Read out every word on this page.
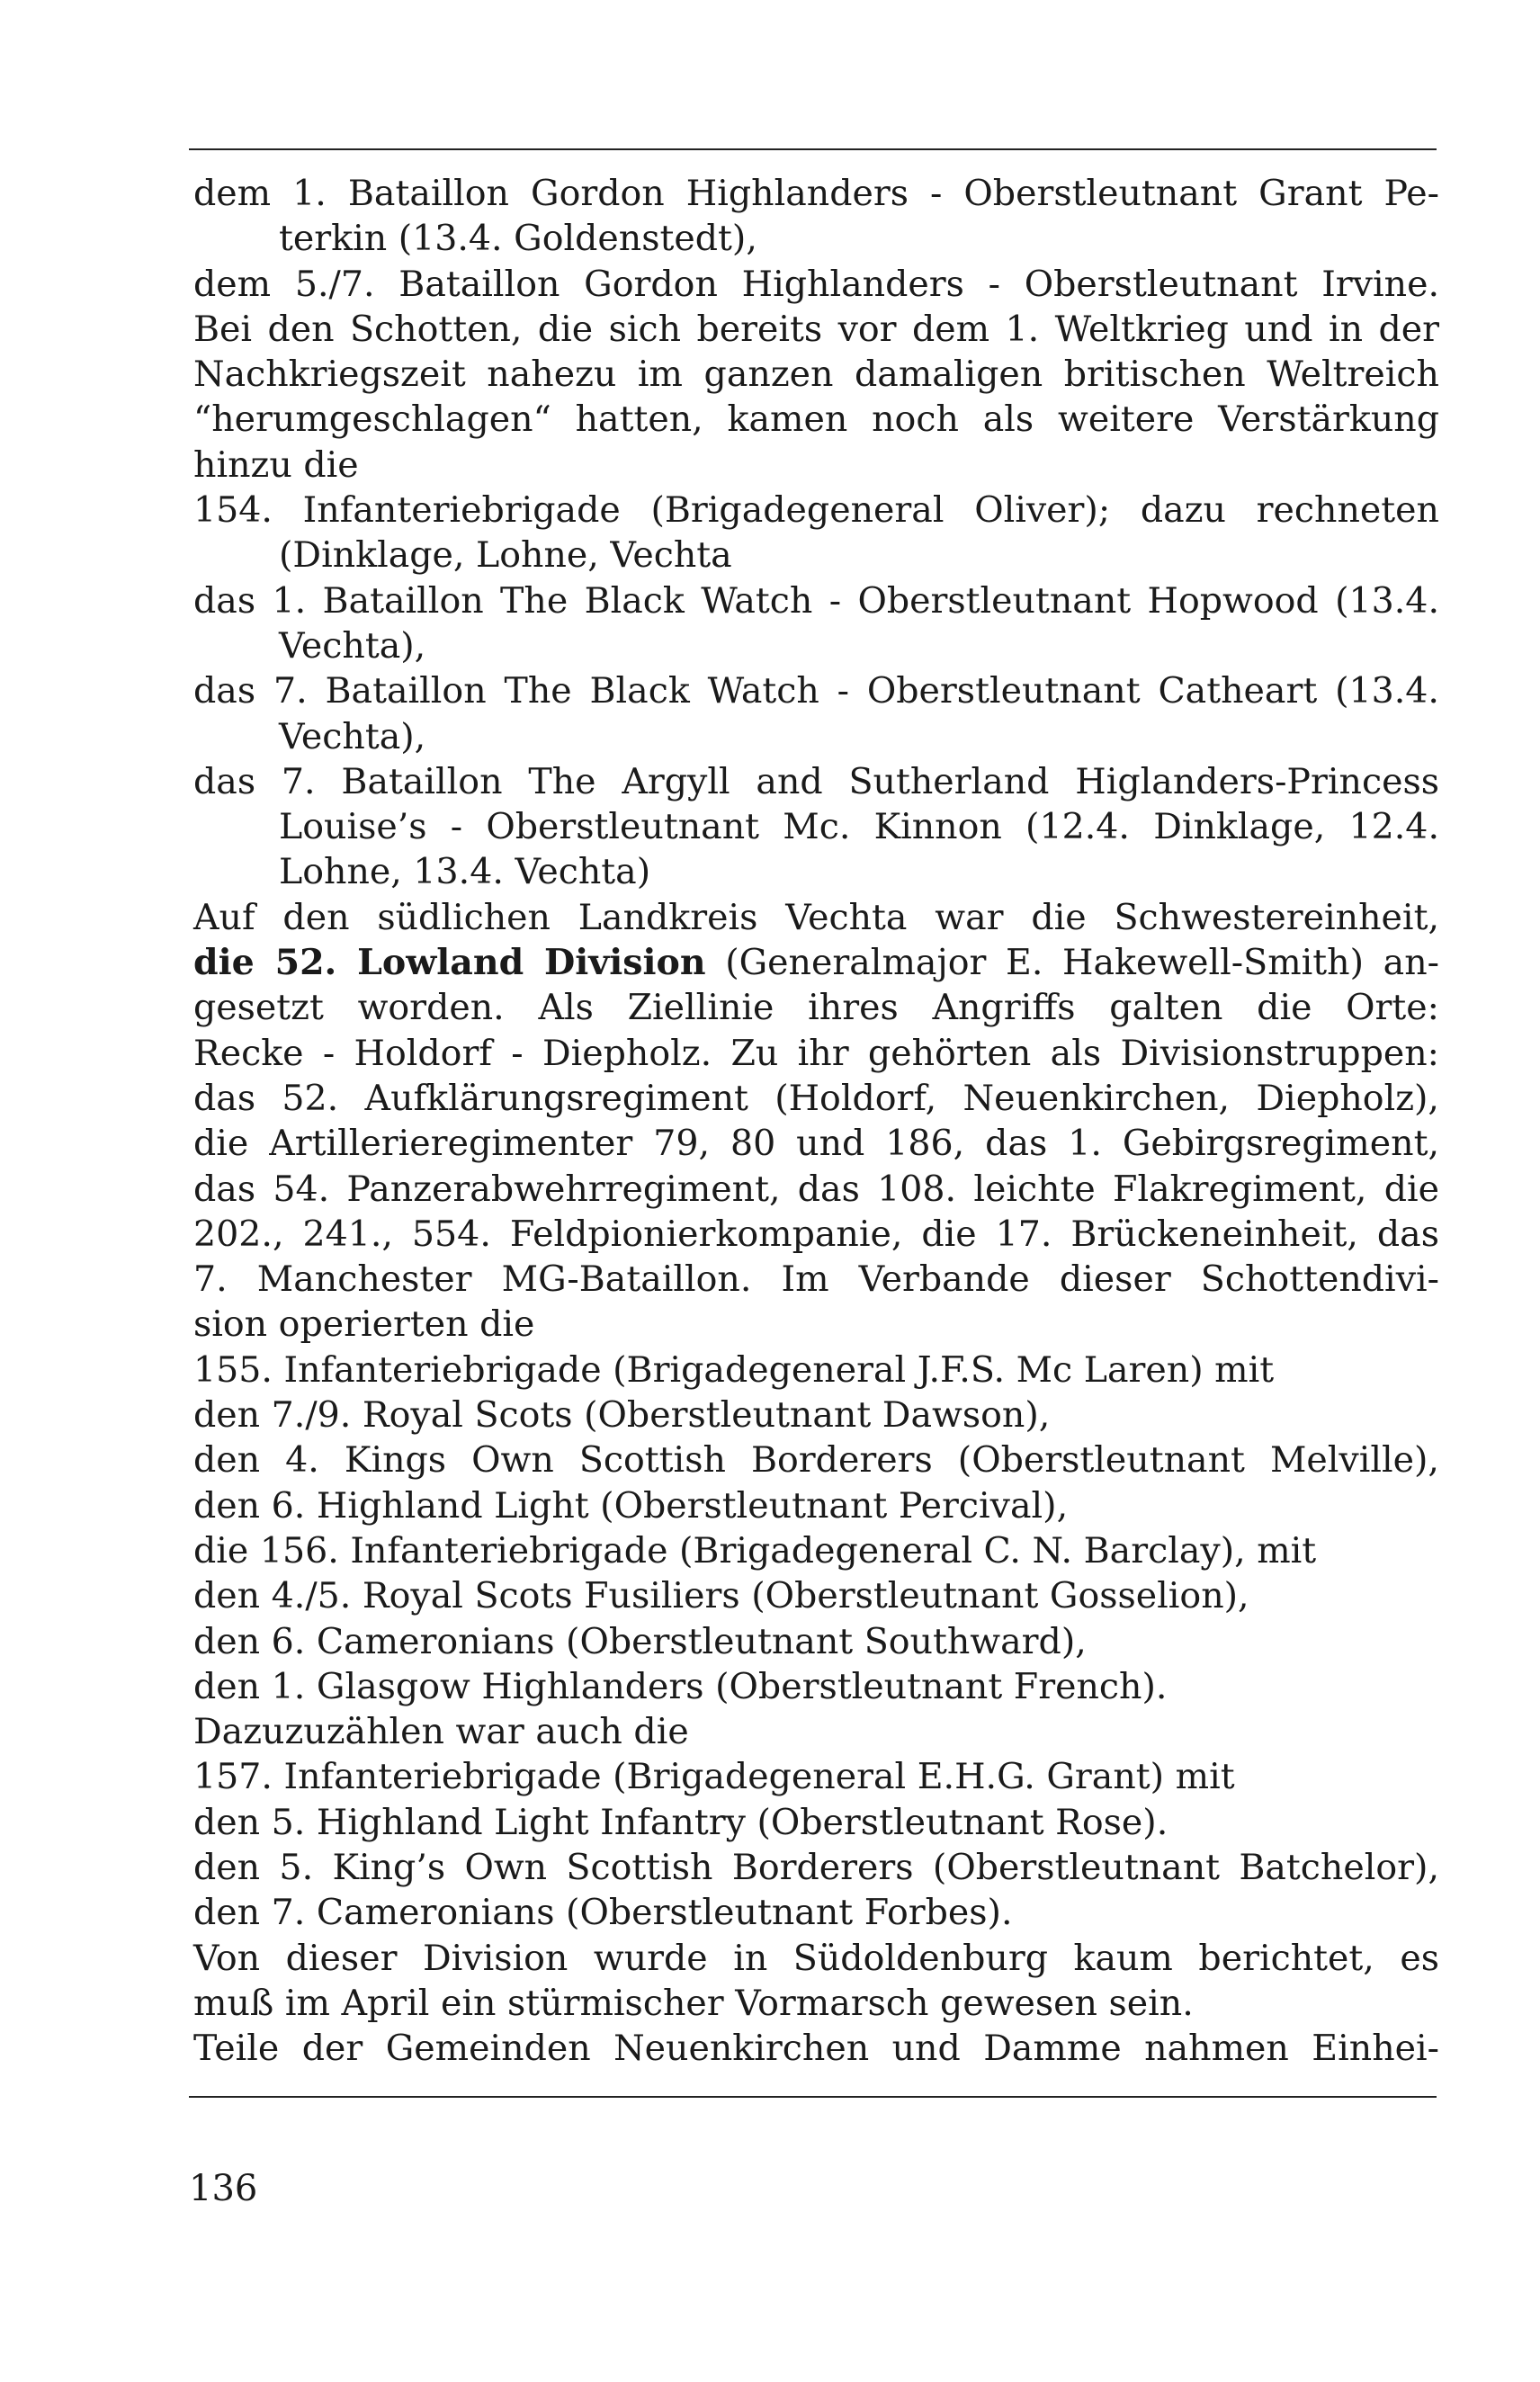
dem 1. Bataillon Gordon Highlanders - Oberstleutnant Grant Pe-
terkin (13.4. Goldenstedt),
dem 5./7. Bataillon Gordon Highlanders - Oberstleutnant Irvine.
Bei den Schotten, die sich bereits vor dem 1. Weltkrieg und in der
Nachkriegszeit nahezu im ganzen damaligen britischen Weltreich
“herumgeschlagen“ hatten, kamen noch als weitere Verstärkung
hinzu die
154. Infanteriebrigade (Brigadegeneral Oliver); dazu rechneten
(Dinklage, Lohne, Vechta
das 1. Bataillon The Black Watch - Oberstleutnant Hopwood (13.4.
Vechta),
das 7. Bataillon The Black Watch - Oberstleutnant Catheart (13.4.
Vechta),
das 7. Bataillon The Argyll and Sutherland Higlanders-Princess
Louise’s - Oberstleutnant Mc. Kinnon (12.4. Dinklage, 12.4.
Lohne, 13.4. Vechta)
Auf den südlichen Landkreis Vechta war die Schwestereinheit,
die 52. Lowland Division (Generalmajor E. Hakewell-Smith) an-
gesetzt worden. Als Ziellinie ihres Angriffs galten die Orte:
Recke - Holdorf - Diepholz. Zu ihr gehörten als Divisionstruppen:
das 52. Aufklärungsregiment (Holdorf, Neuenkirchen, Diepholz),
die Artillerieregimenter 79, 80 und 186, das 1. Gebirgsregiment,
das 54. Panzerabwehrregiment, das 108. leichte Flakregiment, die
202., 241., 554. Feldpionierkompanie, die 17. Brückeneinheit, das
7. Manchester MG-Bataillon. Im Verbande dieser Schottendivi-
sion operierten die
155. Infanteriebrigade (Brigadegeneral J.F.S. Mc Laren) mit
den 7./9. Royal Scots (Oberstleutnant Dawson),
den 4. Kings Own Scottish Borderers (Oberstleutnant Melville),
den 6. Highland Light (Oberstleutnant Percival),
die 156. Infanteriebrigade (Brigadegeneral C. N. Barclay), mit
den 4./5. Royal Scots Fusiliers (Oberstleutnant Gosselion),
den 6. Cameronians (Oberstleutnant Southward),
den 1. Glasgow Highlanders (Oberstleutnant French).
Dazuzuzählen war auch die
157. Infanteriebrigade (Brigadegeneral E.H.G. Grant) mit
den 5. Highland Light Infantry (Oberstleutnant Rose).
den 5. King’s Own Scottish Borderers (Oberstleutnant Batchelor),
den 7. Cameronians (Oberstleutnant Forbes).
Von dieser Division wurde in Südoldenburg kaum berichtet, es
muß im April ein stürmischer Vormarsch gewesen sein.
Teile der Gemeinden Neuenkirchen und Damme nahmen Einhei-
136
